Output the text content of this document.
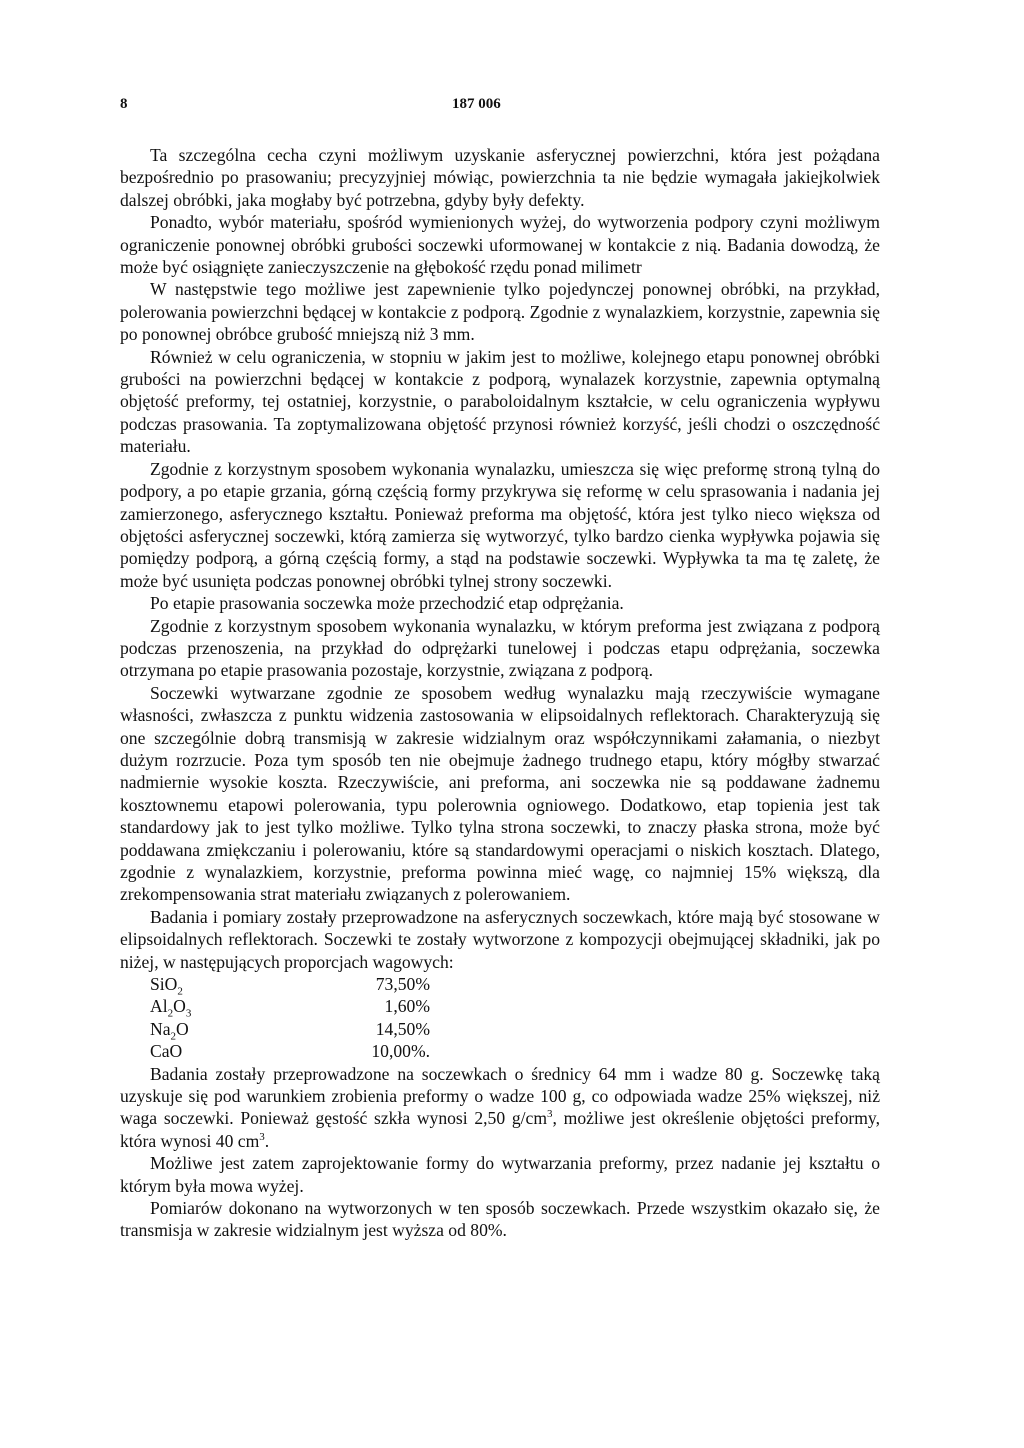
8	187 006

Ta szczególna cecha czyni możliwym uzyskanie asferycznej powierzchni, która jest pożądana bezpośrednio po prasowaniu; precyzyjniej mówiąc, powierzchnia ta nie będzie wymagała jakiejkolwiek dalszej obróbki, jaka mogłaby być potrzebna, gdyby były defekty.

Ponadto, wybór materiału, spośród wymienionych wyżej, do wytworzenia podpory czyni możliwym ograniczenie ponownej obróbki grubości soczewki uformowanej w kontakcie z nią. Badania dowodzą, że może być osiągnięte zanieczyszczenie na głębokość rzędu ponad milimetr

W następstwie tego możliwe jest zapewnienie tylko pojedynczej ponownej obróbki, na przykład, polerowania powierzchni będącej w kontakcie z podporą. Zgodnie z wynalazkiem, korzystnie, zapewnia się po ponownej obróbce grubość mniejszą niż 3 mm.

Również w celu ograniczenia, w stopniu w jakim jest to możliwe, kolejnego etapu ponownej obróbki grubości na powierzchni będącej w kontakcie z podporą, wynalazek korzystnie, zapewnia optymalną objętość preformy, tej ostatniej, korzystnie, o paraboloidalnym kształcie, w celu ograniczenia wypływu podczas prasowania. Ta zoptymalizowana objętość przynosi również korzyść, jeśli chodzi o oszczędność materiału.

Zgodnie z korzystnym sposobem wykonania wynalazku, umieszcza się więc preformę stroną tylną do podpory, a po etapie grzania, górną częścią formy przykrywa się reformę w celu sprasowania i nadania jej zamierzonego, asferycznego kształtu. Ponieważ preforma ma objętość, która jest tylko nieco większa od objętości asferycznej soczewki, którą zamierza się wytworzyć, tylko bardzo cienka wypływka pojawia się pomiędzy podporą, a górną częścią formy, a stąd na podstawie soczewki. Wypływka ta ma tę zaletę, że może być usunięta podczas ponownej obróbki tylnej strony soczewki.

Po etapie prasowania soczewka może przechodzić etap odprężania.

Zgodnie z korzystnym sposobem wykonania wynalazku, w którym preforma jest związana z podporą podczas przenoszenia, na przykład do odprężarki tunelowej i podczas etapu odprężania, soczewka otrzymana po etapie prasowania pozostaje, korzystnie, związana z podporą.

Soczewki wytwarzane zgodnie ze sposobem według wynalazku mają rzeczywiście wymagane własności, zwłaszcza z punktu widzenia zastosowania w elipsoidalnych reflektorach. Charakteryzują się one szczególnie dobrą transmisją w zakresie widzialnym oraz współczynnikami załamania, o niezbyt dużym rozrzucie. Poza tym sposób ten nie obejmuje żadnego trudnego etapu, który mógłby stwarzać nadmiernie wysokie koszta. Rzeczywiście, ani preforma, ani soczewka nie są poddawane żadnemu kosztownemu etapowi polerowania, typu polerownia ogniowego. Dodatkowo, etap topienia jest tak standardowy jak to jest tylko możliwe. Tylko tylna strona soczewki, to znaczy płaska strona, może być poddawana zmiękczaniu i polerowaniu, które są standardowymi operacjami o niskich kosztach. Dlatego, zgodnie z wynalazkiem, korzystnie, preforma powinna mieć wagę, co najmniej 15% większą, dla zrekompensowania strat materiału związanych z polerowaniem.

Badania i pomiary zostały przeprowadzone na asferycznych soczewkach, które mają być stosowane w elipsoidalnych reflektorach. Soczewki te zostały wytworzone z kompozycji obejmującej składniki, jak po niżej, w następujących proporcjach wagowych:

SiO$_2$	73,50%
$Al_2O_3$	1,60%
$Na_2O$	14,50%
CaO	10,00%.

Badania zostały przeprowadzone na soczewkach o średnicy 64 mm i wadze 80 g. Soczewkę taką uzyskuje się pod warunkiem zrobienia preformy o wadze 100 g, co odpowiada wadze 25% większej, niż waga soczewki. Ponieważ gęstość szkła wynosi 2,50 $g/cm^3$, możliwe jest określenie objętości preformy, która wynosi 40 $cm^3$.

Możliwe jest zatem zaprojektowanie formy do wytwarzania preformy, przez nadanie jej kształtu o którym była mowa wyżej.

Pomiarów dokonano na wytworzonych w ten sposób soczewkach. Przede wszystkim okazało się, że transmisja w zakresie widzialnym jest wyższa od 80%.
